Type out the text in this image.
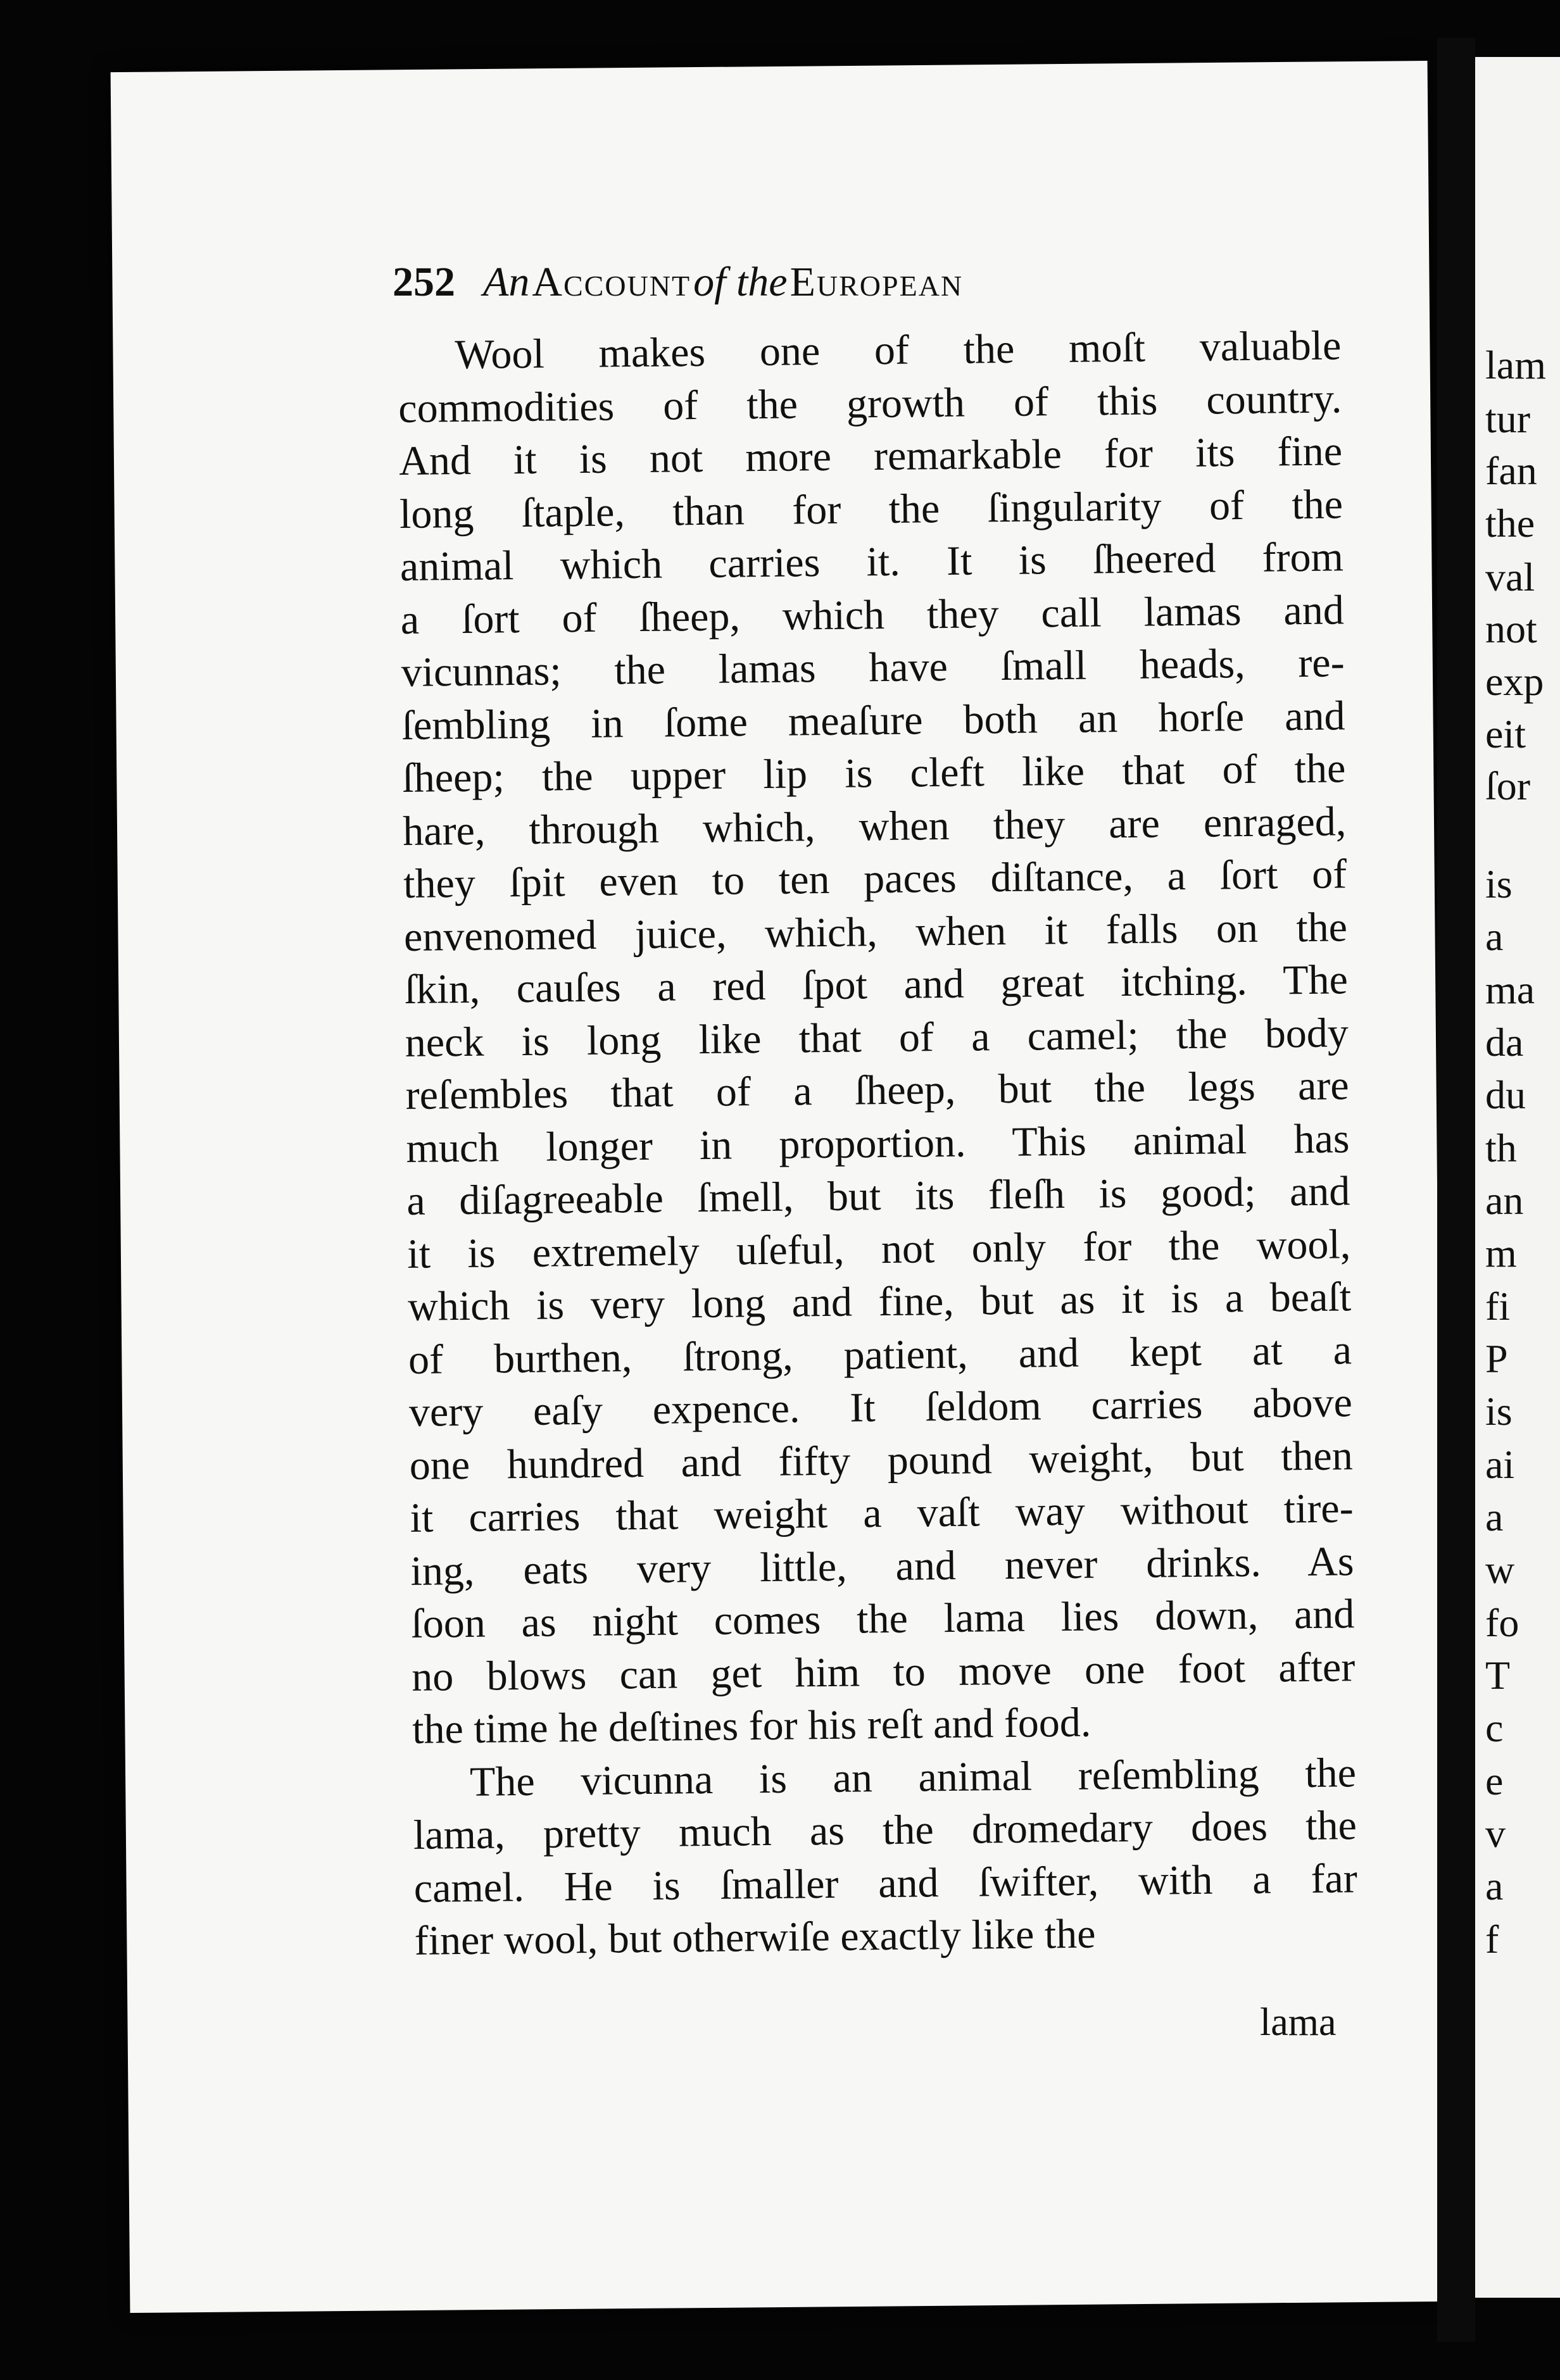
lam
tur
fan
the
val
not
exp
eit
ſor
is
a
ma
da
du
th
an
m
fi
P
is
ai
a
w
fo
T
c
e
v
a
f
252 An Account of the European
Wool makes one of the moſt valuable
commodities of the growth of this country.
And it is not more remarkable for its fine
long ſtaple, than for the ſingularity of the
animal which carries it. It is ſheered from
a ſort of ſheep, which they call lamas and
vicunnas; the lamas have ſmall heads, re-
ſembling in ſome meaſure both an horſe and
ſheep; the upper lip is cleft like that of the
hare, through which, when they are enraged,
they ſpit even to ten paces diſtance, a ſort of
envenomed juice, which, when it falls on the
ſkin, cauſes a red ſpot and great itching. The
neck is long like that of a camel; the body
reſembles that of a ſheep, but the legs are
much longer in proportion. This animal has
a diſagreeable ſmell, but its fleſh is good; and
it is extremely uſeful, not only for the wool,
which is very long and fine, but as it is a beaſt
of burthen, ſtrong, patient, and kept at a
very eaſy expence. It ſeldom carries above
one hundred and fifty pound weight, but then
it carries that weight a vaſt way without tire-
ing, eats very little, and never drinks. As
ſoon as night comes the lama lies down, and
no blows can get him to move one foot after
the time he deſtines for his reſt and food.
The vicunna is an animal reſembling the
lama, pretty much as the dromedary does the
camel. He is ſmaller and ſwifter, with a far
finer wool, but otherwiſe exactly like the
lama
